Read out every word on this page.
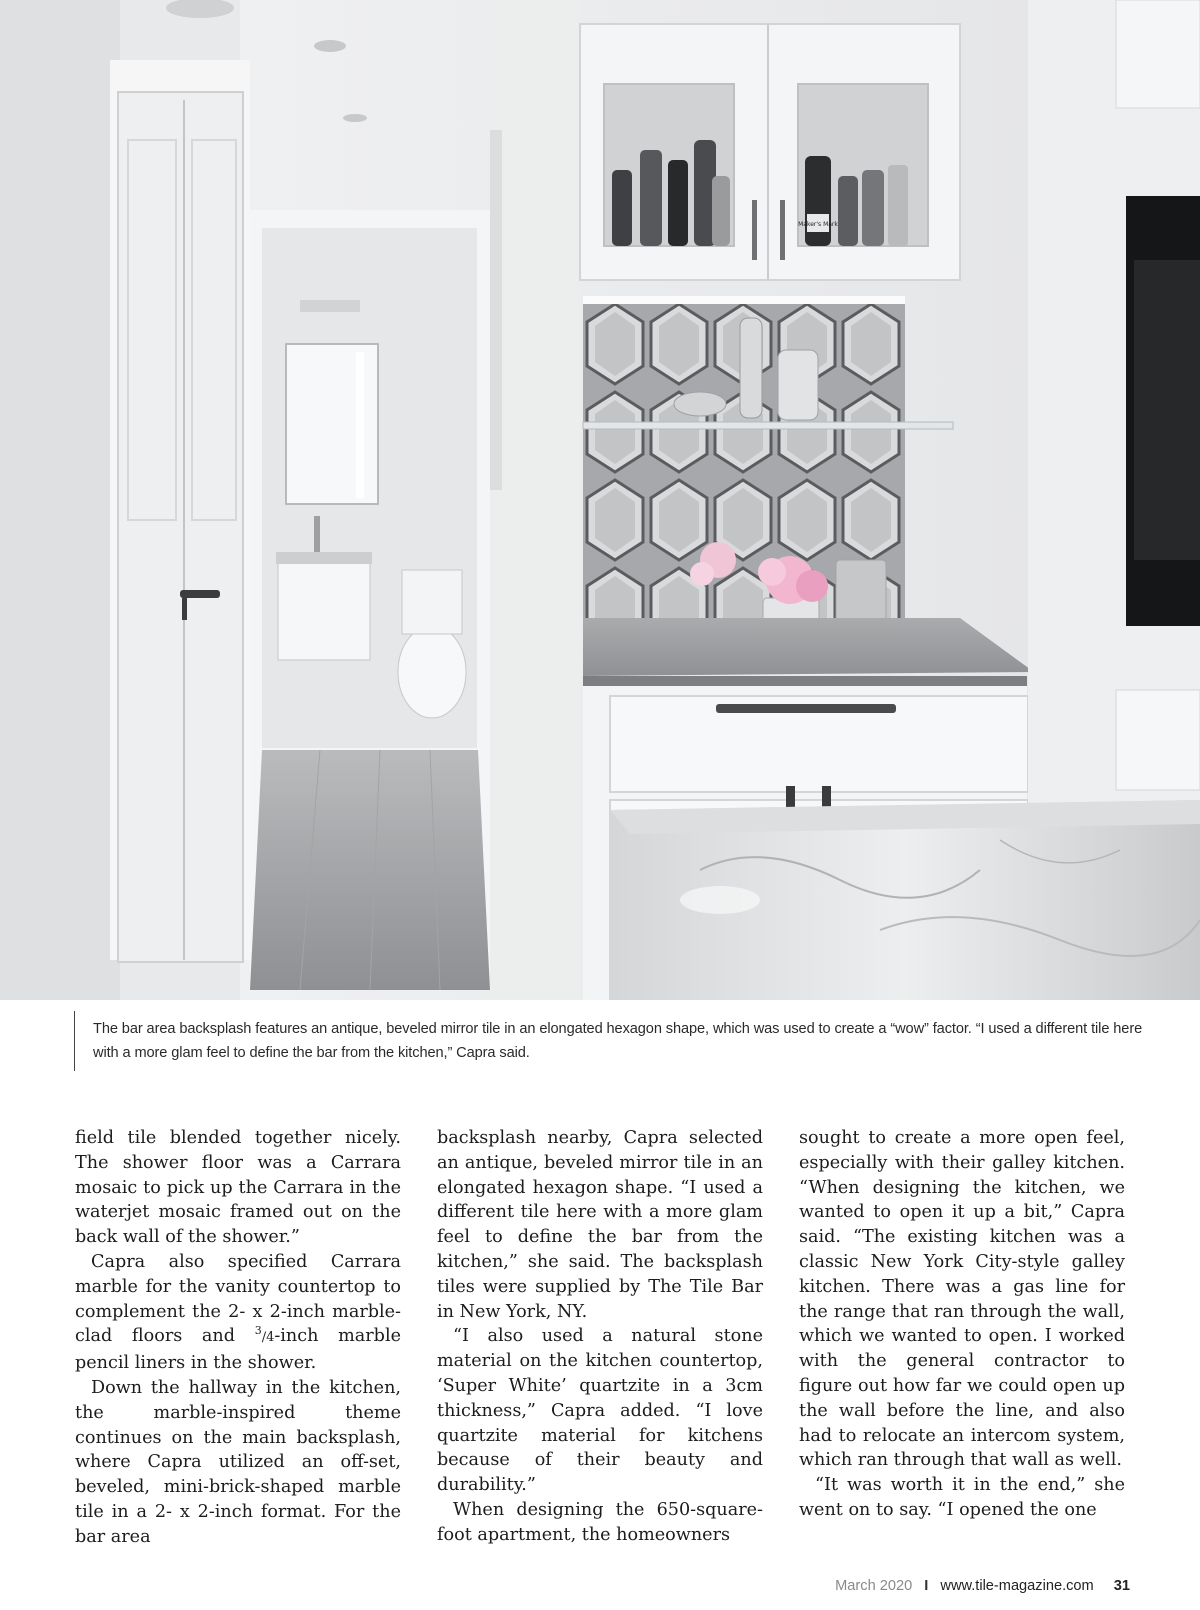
Maker's Mark
The bar area backsplash features an antique, beveled mirror tile in an elongated hexagon shape, which was used to create a “wow” factor. “I used a different tile here with a more glam feel to define the bar from the kitchen,” Capra said.

field tile blended together nicely. The shower floor was a Carrara mosaic to pick up the Carrara in the waterjet mosaic framed out on the back wall of the shower.”

Capra also specified Carrara marble for the vanity countertop to complement the 2- x 2-inch marble-clad floors and $^3$/4-inch marble pencil liners in the shower.

Down the hallway in the kitchen, the marble-inspired theme continues on the main backsplash, where Capra utilized an off-set, beveled, mini-brick-shaped marble tile in a 2- x 2-inch format. For the bar area

backsplash nearby, Capra selected an antique, beveled mirror tile in an elongated hexagon shape. “I used a different tile here with a more glam feel to define the bar from the kitchen,” she said. The backsplash tiles were supplied by The Tile Bar in New York, NY.

“I also used a natural stone material on the kitchen countertop, ‘Super White’ quartzite in a 3cm thickness,” Capra added. “I love quartzite material for kitchens because of their beauty and durability.”

When designing the 650-square-foot apartment, the homeowners

sought to create a more open feel, especially with their galley kitchen. “When designing the kitchen, we wanted to open it up a bit,” Capra said. “The existing kitchen was a classic New York City-style galley kitchen. There was a gas line for the range that ran through the wall, which we wanted to open. I worked with the general contractor to figure out how far we could open up the wall before the line, and also had to relocate an intercom system, which ran through that wall as well.

“It was worth it in the end,” she went on to say. “I opened the one

March 2020 I www.tile-magazine.com 31
